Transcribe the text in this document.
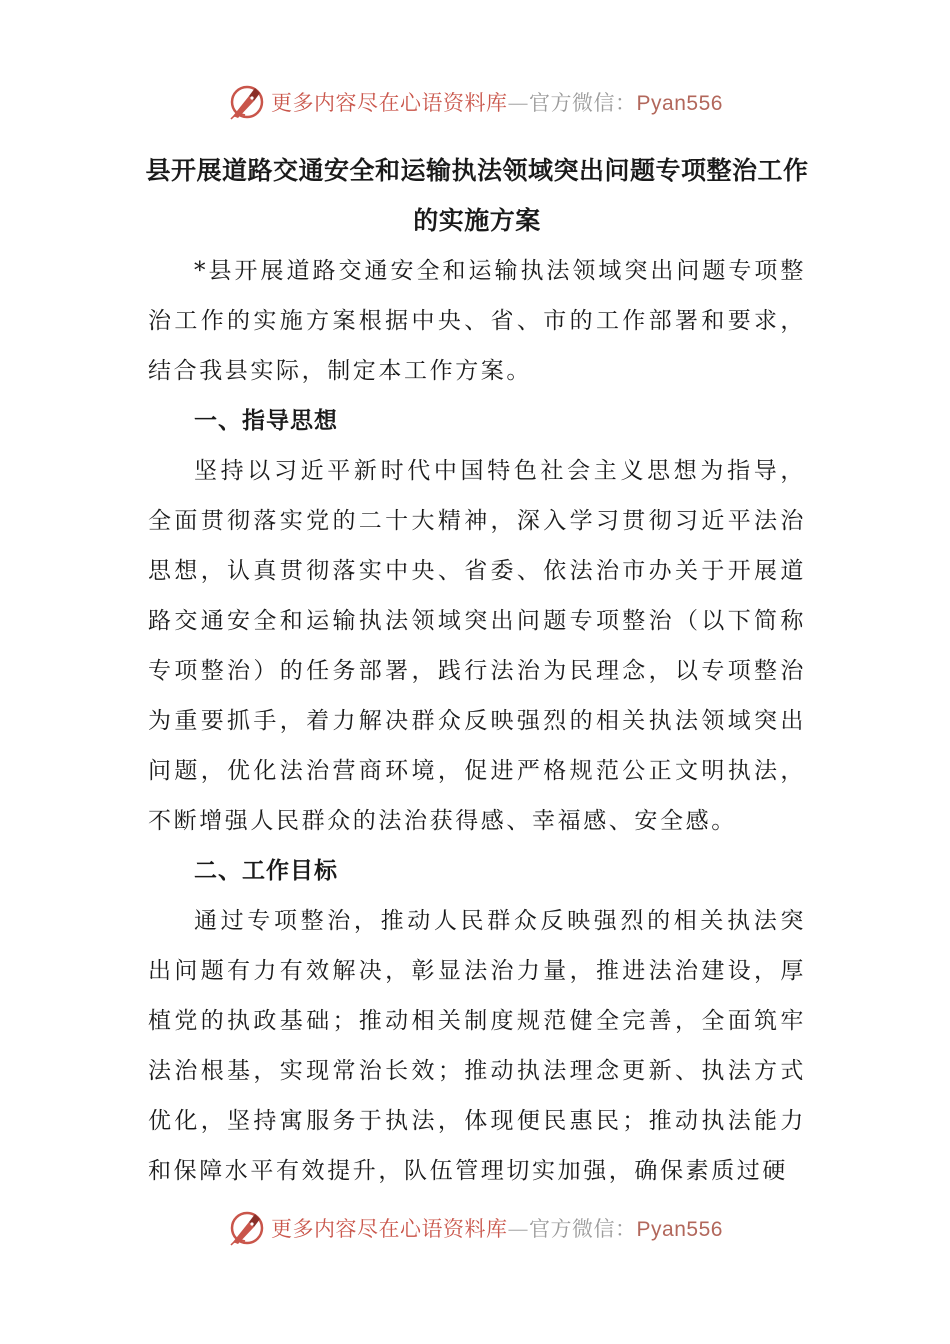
更多内容尽在心语资料库—官方微信：Pyan556
县开展道路交通安全和运输执法领域突出问题专项整治工作的实施方案

*县开展道路交通安全和运输执法领域突出问题专项整治工作的实施方案根据中央、省、市的工作部署和要求，结合我县实际，制定本工作方案。

一、指导思想

坚持以习近平新时代中国特色社会主义思想为指导，全面贯彻落实党的二十大精神，深入学习贯彻习近平法治思想，认真贯彻落实中央、省委、依法治市办关于开展道路交通安全和运输执法领域突出问题专项整治（以下简称专项整治）的任务部署，践行法治为民理念，以专项整治为重要抓手，着力解决群众反映强烈的相关执法领域突出问题，优化法治营商环境，促进严格规范公正文明执法，不断增强人民群众的法治获得感、幸福感、安全感。

二、工作目标

通过专项整治，推动人民群众反映强烈的相关执法突出问题有力有效解决，彰显法治力量，推进法治建设，厚植党的执政基础；推动相关制度规范健全完善，全面筑牢法治根基，实现常治长效；推动执法理念更新、执法方式优化，坚持寓服务于执法，体现便民惠民；推动执法能力和保障水平有效提升，队伍管理切实加强，确保素质过硬

更多内容尽在心语资料库—官方微信：Pyan556
